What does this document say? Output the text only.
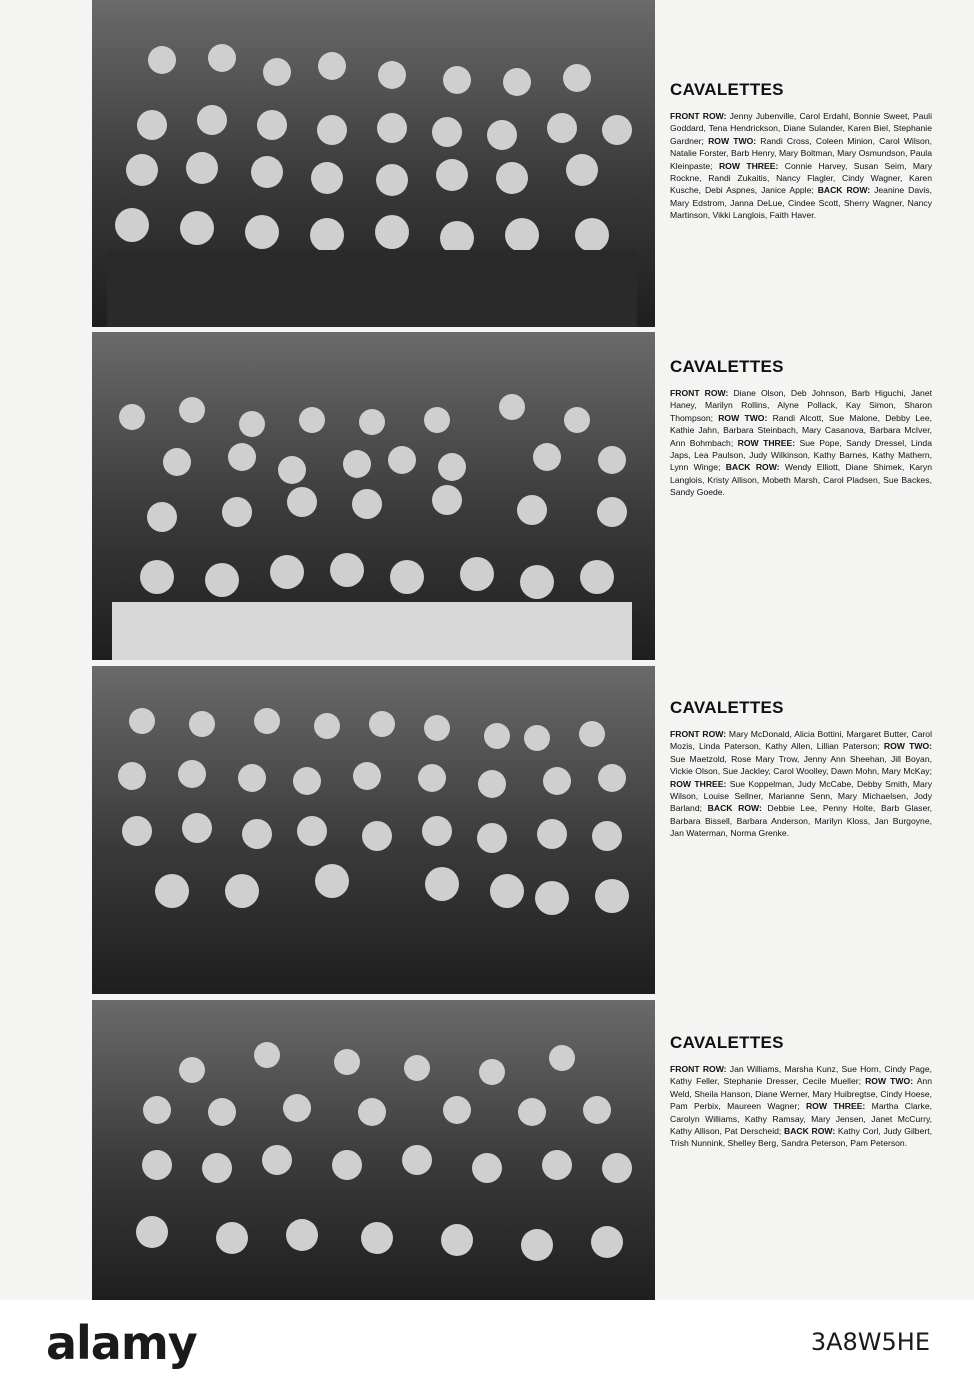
CAVALETTES

FRONT ROW: Jenny Jubenville, Carol Erdahl, Bonnie Sweet, Pauli Goddard, Tena Hendrickson, Diane Sulander, Karen Biel, Stephanie Gardner; ROW TWO: Randi Cross, Coleen Minion, Carol Wilson, Natalie Forster, Barb Henry, Mary Boltman, Mary Osmundson, Paula Kleinpaste; ROW THREE: Connie Harvey, Susan Seim, Mary Rockne, Randi Zukaitis, Nancy Flagler, Cindy Wagner, Karen Kusche, Debi Aspnes, Janice Apple; BACK ROW: Jeanine Davis, Mary Edstrom, Janna DeLue, Cindee Scott, Sherry Wagner, Nancy Martinson, Vikki Langlois, Faith Haver.

CAVALETTES

FRONT ROW: Diane Olson, Deb Johnson, Barb Higuchi, Janet Haney, Marilyn Rollins, Alyne Pollack, Kay Simon, Sharon Thompson; ROW TWO: Randi Alcott, Sue Malone, Debby Lee, Kathie Jahn, Barbara Steinbach, Mary Casanova, Barbara McIver, Ann Bohmbach; ROW THREE: Sue Pope, Sandy Dressel, Linda Japs, Lea Paulson, Judy Wilkinson, Kathy Barnes, Kathy Mathern, Lynn Winge; BACK ROW: Wendy Elliott, Diane Shimek, Karyn Langlois, Kristy Allison, Mobeth Marsh, Carol Pladsen, Sue Backes, Sandy Goede.

CAVALETTES

FRONT ROW: Mary McDonald, Alicia Bottini, Margaret Butter, Carol Mozis, Linda Paterson, Kathy Allen, Lillian Paterson; ROW TWO: Sue Maetzold, Rose Mary Trow, Jenny Ann Sheehan, Jill Boyan, Vickie Olson, Sue Jackley, Carol Woolley, Dawn Mohn, Mary McKay; ROW THREE: Sue Koppelman, Judy McCabe, Debby Smith, Mary Wilson, Louise Sellner, Marianne Senn, Mary Michaelsen, Jody Barland; BACK ROW: Debbie Lee, Penny Holte, Barb Glaser, Barbara Bissell, Barbara Anderson, Marilyn Kloss, Jan Burgoyne, Jan Waterman, Norma Grenke.

CAVALETTES

FRONT ROW: Jan Williams, Marsha Kunz, Sue Horn, Cindy Page, Kathy Feller, Stephanie Dresser, Cecile Mueller; ROW TWO: Ann Weld, Sheila Hanson, Diane Werner, Mary Huibregtse, Cindy Hoese, Pam Perbix, Maureen Wagner; ROW THREE: Martha Clarke, Carolyn Williams, Kathy Ramsay, Mary Jensen, Janet McCurry, Kathy Allison, Pat Derscheid; BACK ROW: Kathy Corl, Judy Gilbert, Trish Nunnink, Shelley Berg, Sandra Peterson, Pam Peterson.

alamy	3A8W5HE
